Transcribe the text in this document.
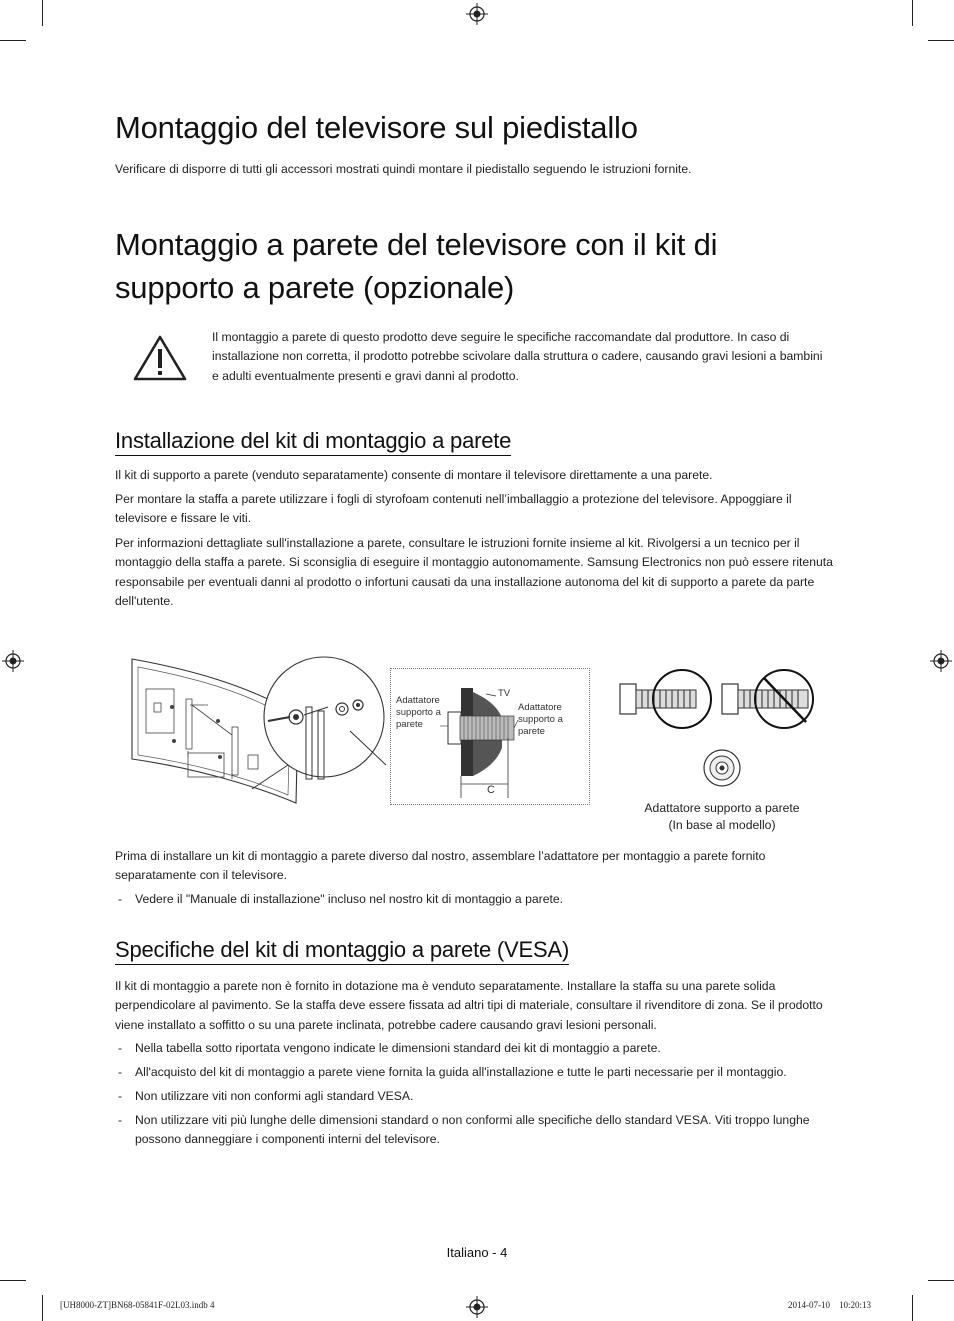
Montaggio del televisore sul piedistallo

Verificare di disporre di tutti gli accessori mostrati quindi montare il piedistallo seguendo le istruzioni fornite.

Montaggio a parete del televisore con il kit di
supporto a parete (opzionale)

Il montaggio a parete di questo prodotto deve seguire le specifiche raccomandate dal produttore. In caso di installazione non corretta, il prodotto potrebbe scivolare dalla struttura o cadere, causando gravi lesioni a bambini e adulti eventualmente presenti e gravi danni al prodotto.

Installazione del kit di montaggio a parete

Il kit di supporto a parete (venduto separatamente) consente di montare il televisore direttamente a una parete.

Per montare la staffa a parete utilizzare i fogli di styrofoam contenuti nell’imballaggio a protezione del televisore. Appoggiare il televisore e fissare le viti.

Per informazioni dettagliate sull'installazione a parete, consultare le istruzioni fornite insieme al kit. Rivolgersi a un tecnico per il montaggio della staffa a parete. Si sconsiglia di eseguire il montaggio autonomamente. Samsung Electronics non può essere ritenuta responsabile per eventuali danni al prodotto o infortuni causati da una installazione autonoma del kit di supporto a parete da parte dell'utente.

Adattatore supporto a parete
TV
Adattatore supporto a parete
C
Adattatore supporto a parete
(In base al modello)

Prima di installare un kit di montaggio a parete diverso dal nostro, assemblare l’adattatore per montaggio a parete fornito separatamente con il televisore.

- Vedere il "Manuale di installazione" incluso nel nostro kit di montaggio a parete.
Specifiche del kit di montaggio a parete (VESA)

Il kit di montaggio a parete non è fornito in dotazione ma è venduto separatamente. Installare la staffa su una parete solida perpendicolare al pavimento. Se la staffa deve essere fissata ad altri tipi di materiale, consultare il rivenditore di zona. Se il prodotto viene installato a soffitto o su una parete inclinata, potrebbe cadere causando gravi lesioni personali.

- Nella tabella sotto riportata vengono indicate le dimensioni standard dei kit di montaggio a parete.
- All'acquisto del kit di montaggio a parete viene fornita la guida all'installazione e tutte le parti necessarie per il montaggio.
- Non utilizzare viti non conformi agli standard VESA.
- Non utilizzare viti più lunghe delle dimensioni standard o non conformi alle specifiche dello standard VESA. Viti troppo lunghe possono danneggiare i componenti interni del televisore.
Italiano - 4
[UH8000-ZT]BN68-05841F-02L03.indb 4	2014-07-10    10:20:13
